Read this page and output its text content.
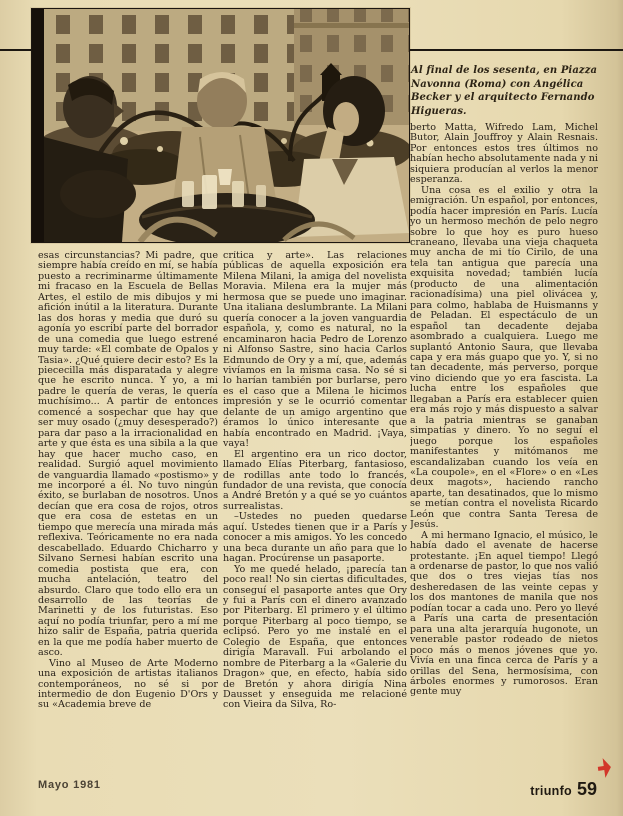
Al final de los sesenta, en Piazza Navonna (Roma) con Angélica Becker y el arquitecto Fernando Higueras.

esas circunstancias? Mi padre, que siempre había creído en mí, se había puesto a recriminarme últimamente mi fracaso en la Escuela de Bellas Artes, el estilo de mis dibujos y mi afición inútil a la literatura. Durante las dos horas y media que duró su agonía yo escribí parte del borrador de una comedia que luego estrené muy tarde: «El combate de Opalos y Tasia». ¿Qué quiere decir esto? Es la piececilla más disparatada y alegre que he escrito nunca. Y yo, a mi padre le quería de veras, le quería muchísimo... A partir de entonces comencé a sospechar que hay que ser muy osado (¿muy desesperado?) para dar paso a la irracionalidad en arte y que ésta es una sibila a la que hay que hacer mucho caso, en realidad. Surgió aquel movimiento de vanguardia llamado «postismo» y me incorporé a él. No tuvo ningún éxito, se burlaban de nosotros. Unos decían que era cosa de rojos, otros que era cosa de estetas en un tiempo que merecía una mirada más reflexiva. Teóricamente no era nada descabellado. Eduardo Chicharro y Silvano Sernesi habían escrito una comedia postista que era, con mucha antelación, teatro del absurdo. Claro que todo ello era un desarrollo de las teorías de Marinetti y de los futuristas. Eso aquí no podía triunfar, pero a mí me hizo salir de España, patria querida en la que me podía haber muerto de asco.

Vino al Museo de Arte Moderno una exposición de artistas italianos contemporáneos, no sé si por intermedio de don Eugenio D'Ors y su «Academia breve de

crítica y arte». Las relaciones públicas de aquella exposición era Milena Milani, la amiga del novelista Moravia. Milena era la mujer más hermosa que se puede uno imaginar. Una italiana deslumbrante. La Milani quería conocer a la joven vanguardia española, y, como es natural, no la encaminaron hacia Pedro de Lorenzo ni Alfonso Sastre, sino hacia Carlos Edmundo de Ory y a mí, que, además vivíamos en la misma casa. No sé si lo harían también por burlarse, pero es el caso que a Milena le hicimos impresión y se le ocurrió comentar delante de un amigo argentino que éramos lo único interesante que había encontrado en Madrid. ¡Vaya, vaya!

El argentino era un rico doctor, llamado Elías Piterbarg, fantasioso, de rodillas ante todo lo francés, fundador de una revista, que conocía a André Bretón y a qué se yo cuántos surrealistas.

–Ustedes no pueden quedarse aquí. Ustedes tienen que ir a París y conocer a mis amigos. Yo les concedo una beca durante un año para que lo hagan. Procúrense un pasaporte.

Yo me quedé helado, ¡parecía tan poco real! No sin ciertas dificultades, conseguí el pasaporte antes que Ory y fui a París con el dinero avanzado por Piterbarg. El primero y el último porque Piterbarg al poco tiempo, se eclipsó. Pero yo me instalé en el Colegio de España, que entonces dirigía Maravall. Fui arbolando el nombre de Piterbarg a la «Galerie du Dragon» que, en efecto, había sido de Bretón y ahora dirigía Nina Dausset y enseguida me relacioné con Vieira da Silva, Ro-

berto Matta, Wifredo Lam, Michel Butor, Alain Jouffroy y Alain Resnais. Por entonces estos tres últimos no habían hecho absolutamente nada y ni siquiera producían al verlos la menor esperanza.

Una cosa es el exilio y otra la emigración. Un español, por entonces, podía hacer impresión en París. Lucía yo un hermoso mechón de pelo negro sobre lo que hoy es puro hueso craneano, llevaba una vieja chaqueta muy ancha de mi tío Cirilo, de una tela tan antigua que parecía una exquisita novedad; también lucía (producto de una alimentación racionadísima) una piel olivácea y, para colmo, hablaba de Huismanns y de Peladan. El espectáculo de un español tan decadente dejaba asombrado a cualquiera. Luego me suplantó Antonio Saura, que llevaba capa y era más guapo que yo. Y, si no tan decadente, más perverso, porque vino diciendo que yo era fascista. La lucha entre los españoles que llegaban a París era establecer quien era más rojo y más dispuesto a salvar a la patria mientras se ganaban simpatías y dinero. Yo no seguí el juego porque los españoles manifestantes y mitómanos me escandalizaban cuando los veía en «La coupole», en el «Flore» o en «Les deux magots», haciendo rancho aparte, tan desatinados, que lo mismo se metían contra el novelista Ricardo León que contra Santa Teresa de Jesús.

A mi hermano Ignacio, el músico, le había dado el avenate de hacerse protestante. ¡En aquel tiempo! Llegó a ordenarse de pastor, lo que nos valió que dos o tres viejas tías nos desheredasen de las veinte cepas y los dos mantones de manila que nos podían tocar a cada uno. Pero yo llevé a París una carta de presentación para una alta jerarquía hugonote, un venerable pastor rodeado de nietos poco más o menos jóvenes que yo. Vivía en una finca cerca de París y a orillas del Sena, hermosísima, con árboles enormes y rumorosos. Eran gente muy

Mayo 1981	triunfo 59
